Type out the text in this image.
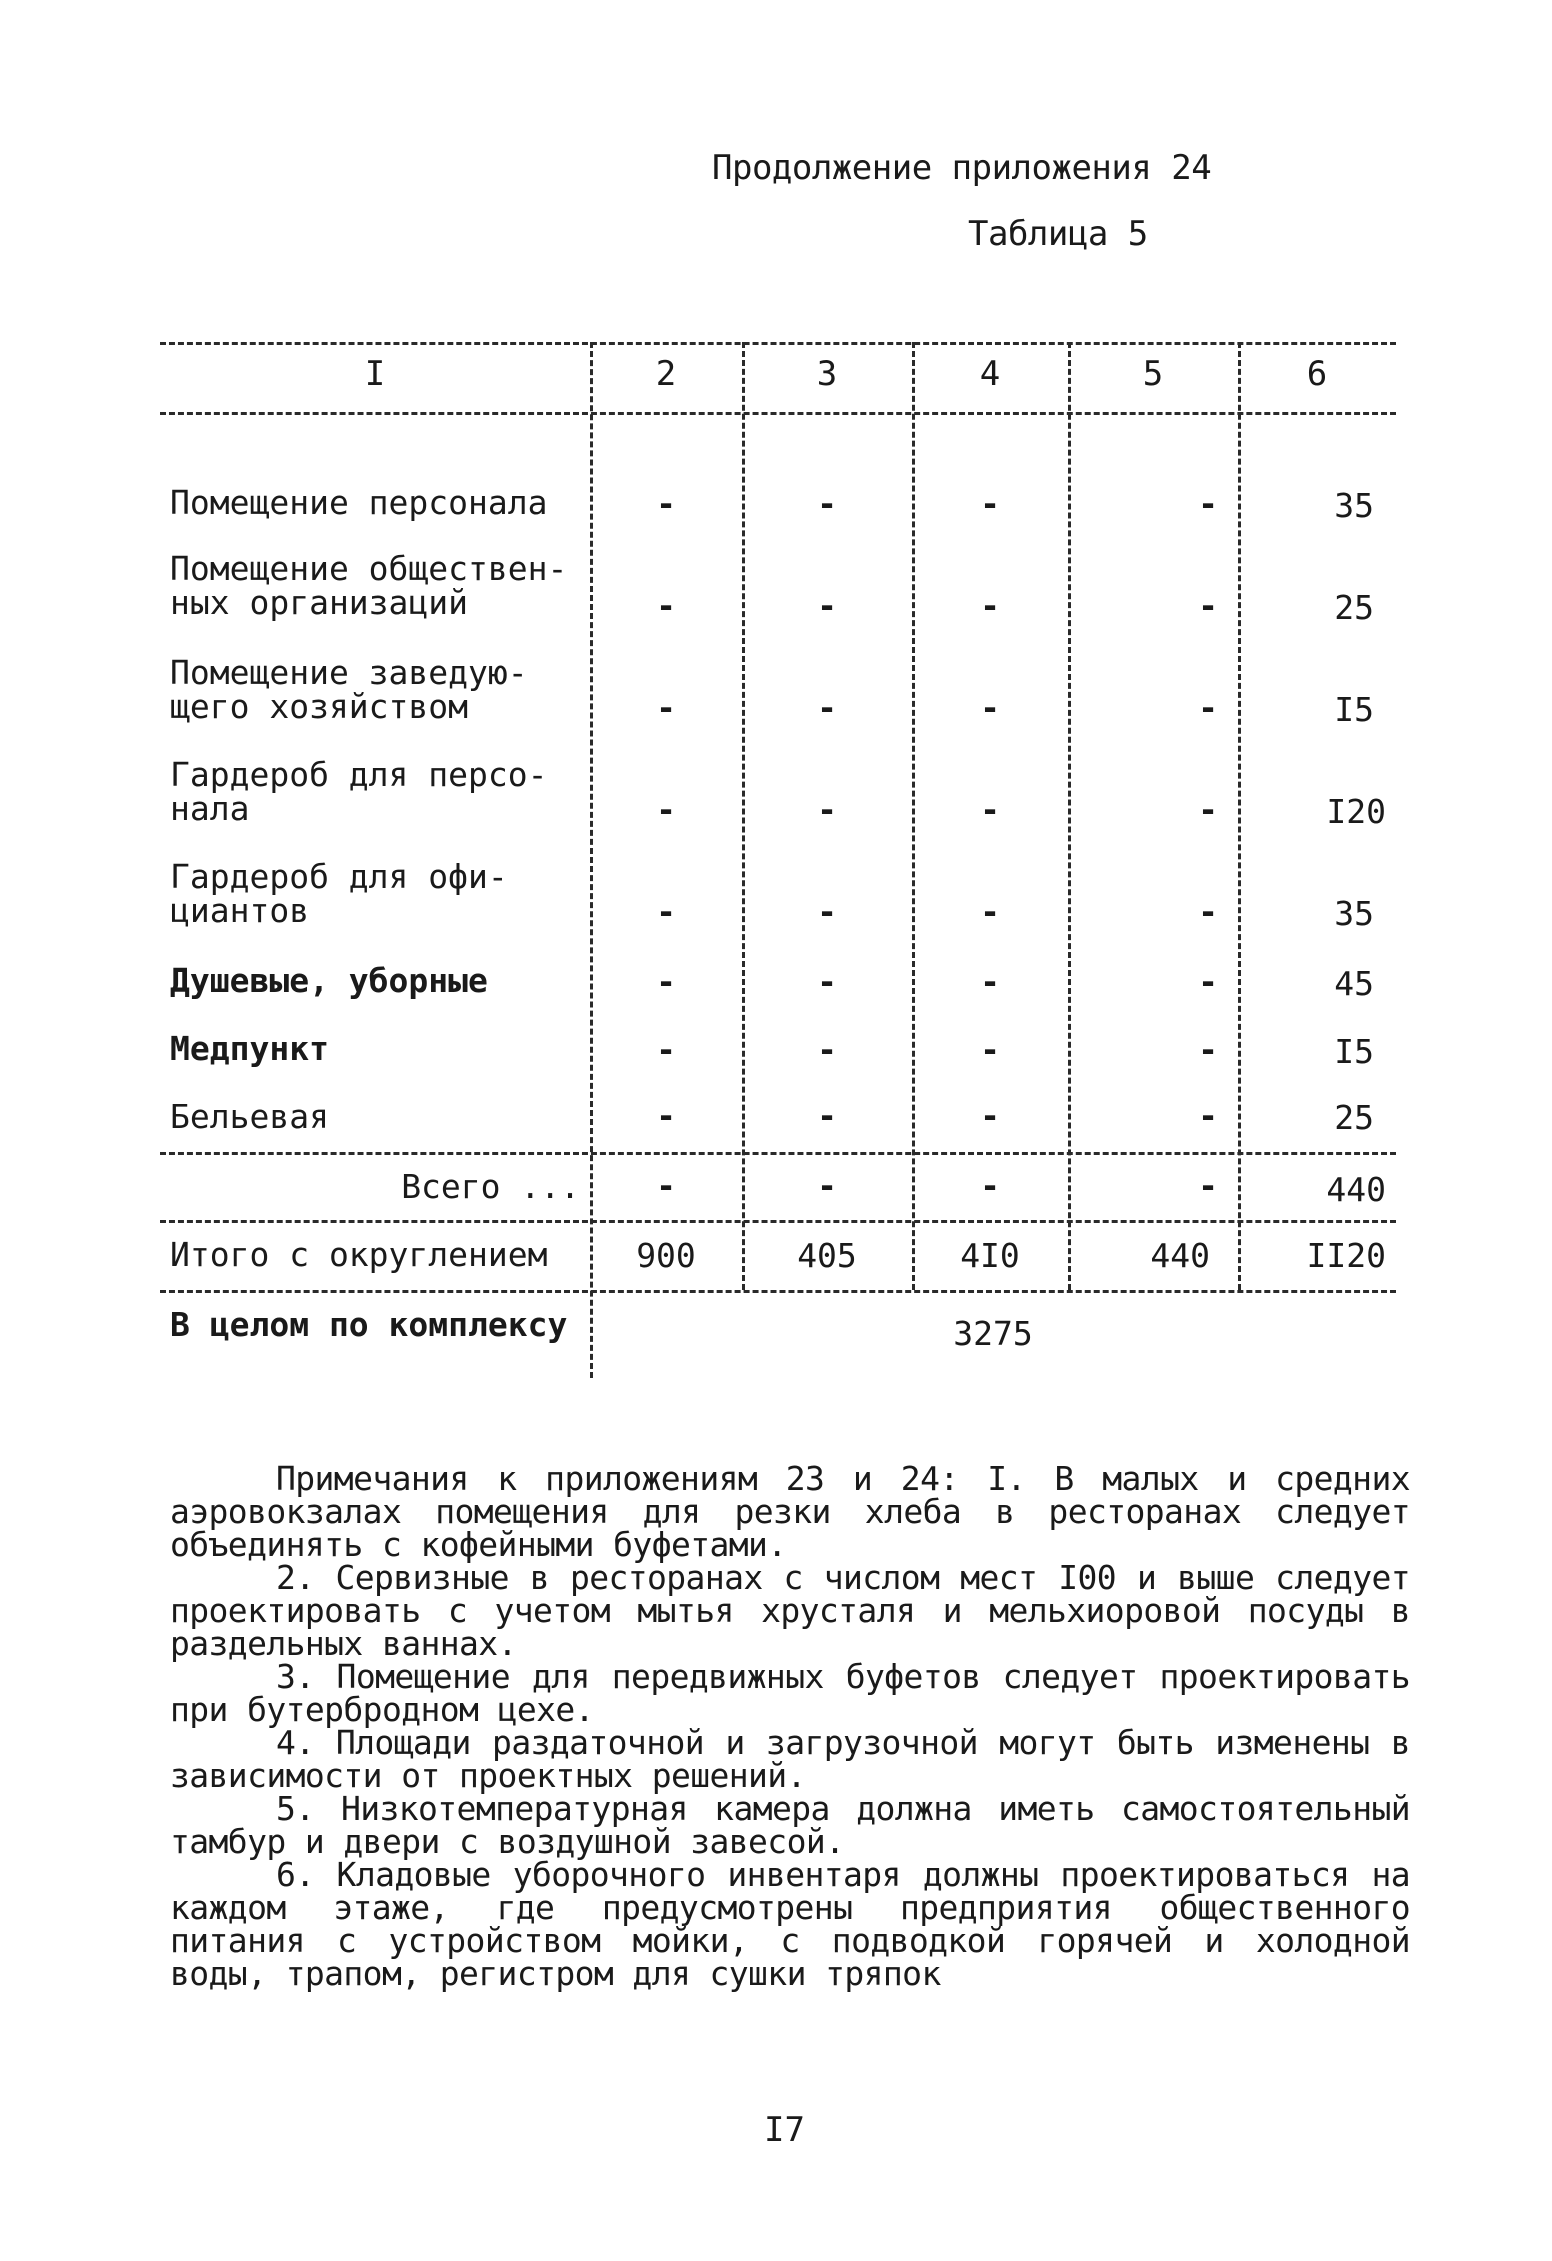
Продолжение приложения 24
Таблица 5
I	2	3	4	5	6
Помещение персонала	-	-	-	-	35
Помещение обществен-
ных организаций	-	-	-	-	25
Помещение заведую-
щего хозяйством	-	-	-	-	I5
Гардероб для персо-
нала	-	-	-	-	I20
Гардероб для офи-
циантов	-	-	-	-	35
Душевые, уборные	-	-	-	-	45
Медпункт	-	-	-	-	I5
Бельевая	-	-	-	-	25
Всего ...	-	-	-	-	440
Итого с округлением	900	405	4I0	440	II20
В целом по комплексу	3275

Примечания к приложениям 23 и 24: I. В малых и средних аэровокзалах помещения для резки хлеба в ресторанах следует объединять с кофейными буфетами.

2. Сервизные в ресторанах с числом мест I00 и выше следует проектировать с учетом мытья хрусталя и мельхиоровой посуды в раздельных ваннах.

3. Помещение для передвижных буфетов следует проектировать при бутербродном цехе.

4. Площади раздаточной и загрузочной могут быть изменены в зависимости от проектных решений.

5. Низкотемпературная камера должна иметь самостоятельный тамбур и двери с воздушной завесой.

6. Кладовые уборочного инвентаря должны проектироваться на каждом этаже, где предусмотрены предприятия общественного питания с устройством мойки, с подводкой горячей и холодной воды, трапом, регистром для сушки тряпок

I7
